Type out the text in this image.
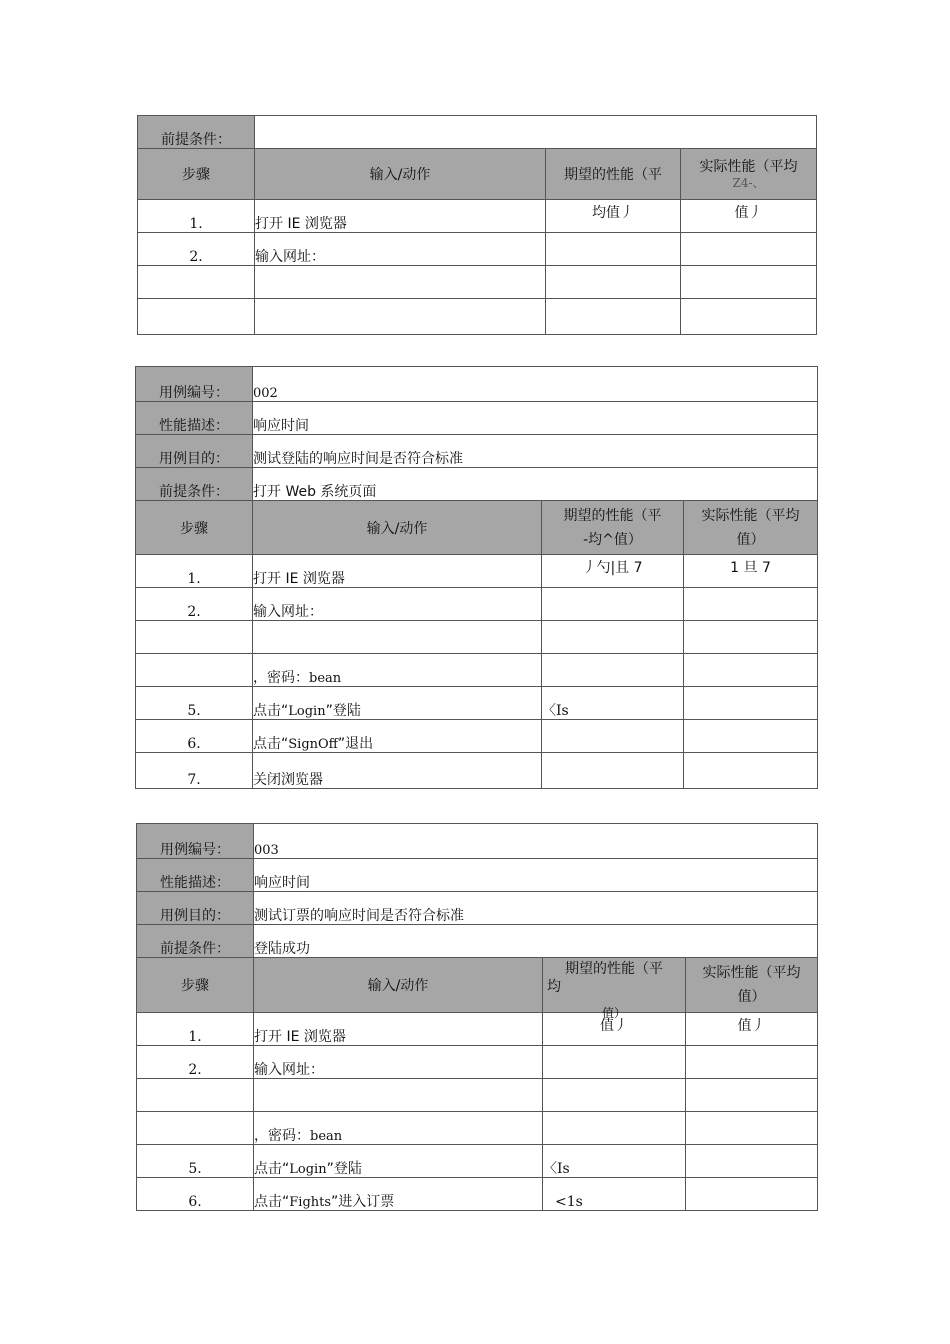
前提条件：			
步骤	输入/动作	期望的性能（平	实际性能（平均
Z4-、

1.	打开 IE 浏览器	均值丿	值丿

2.	输入网址：		

用例编号：	002		
性能描述：	响应时间		
用例目的：	测试登陆的响应时间是否符合标准		
前提条件：	打开 Web 系统页面		
步骤	输入/动作	期望的性能（平
-均^值）	实际性能（平均
值）

1.	打开 IE 浏览器	丿勺|且 7	1 旦 7

2.	输入网址：		

	，密码：bean		
5.	点击“Login”登陆	〈Is	
6.	点击“SignOff”退出		
7.	关闭浏览器		
用例编号：	003		
性能描述：	响应时间		
用例目的：	测试订票的响应时间是否符合标准		
前提条件：	登陆成功		
步骤	输入/动作	期望的性能（平
均
值）	实际性能（平均
值）

1.	打开 IE 浏览器	值丿	值丿

2.	输入网址：		

	，密码：bean		
5.	点击“Login”登陆	〈Is	
6.	点击“Fights”进入订票	<1s	
